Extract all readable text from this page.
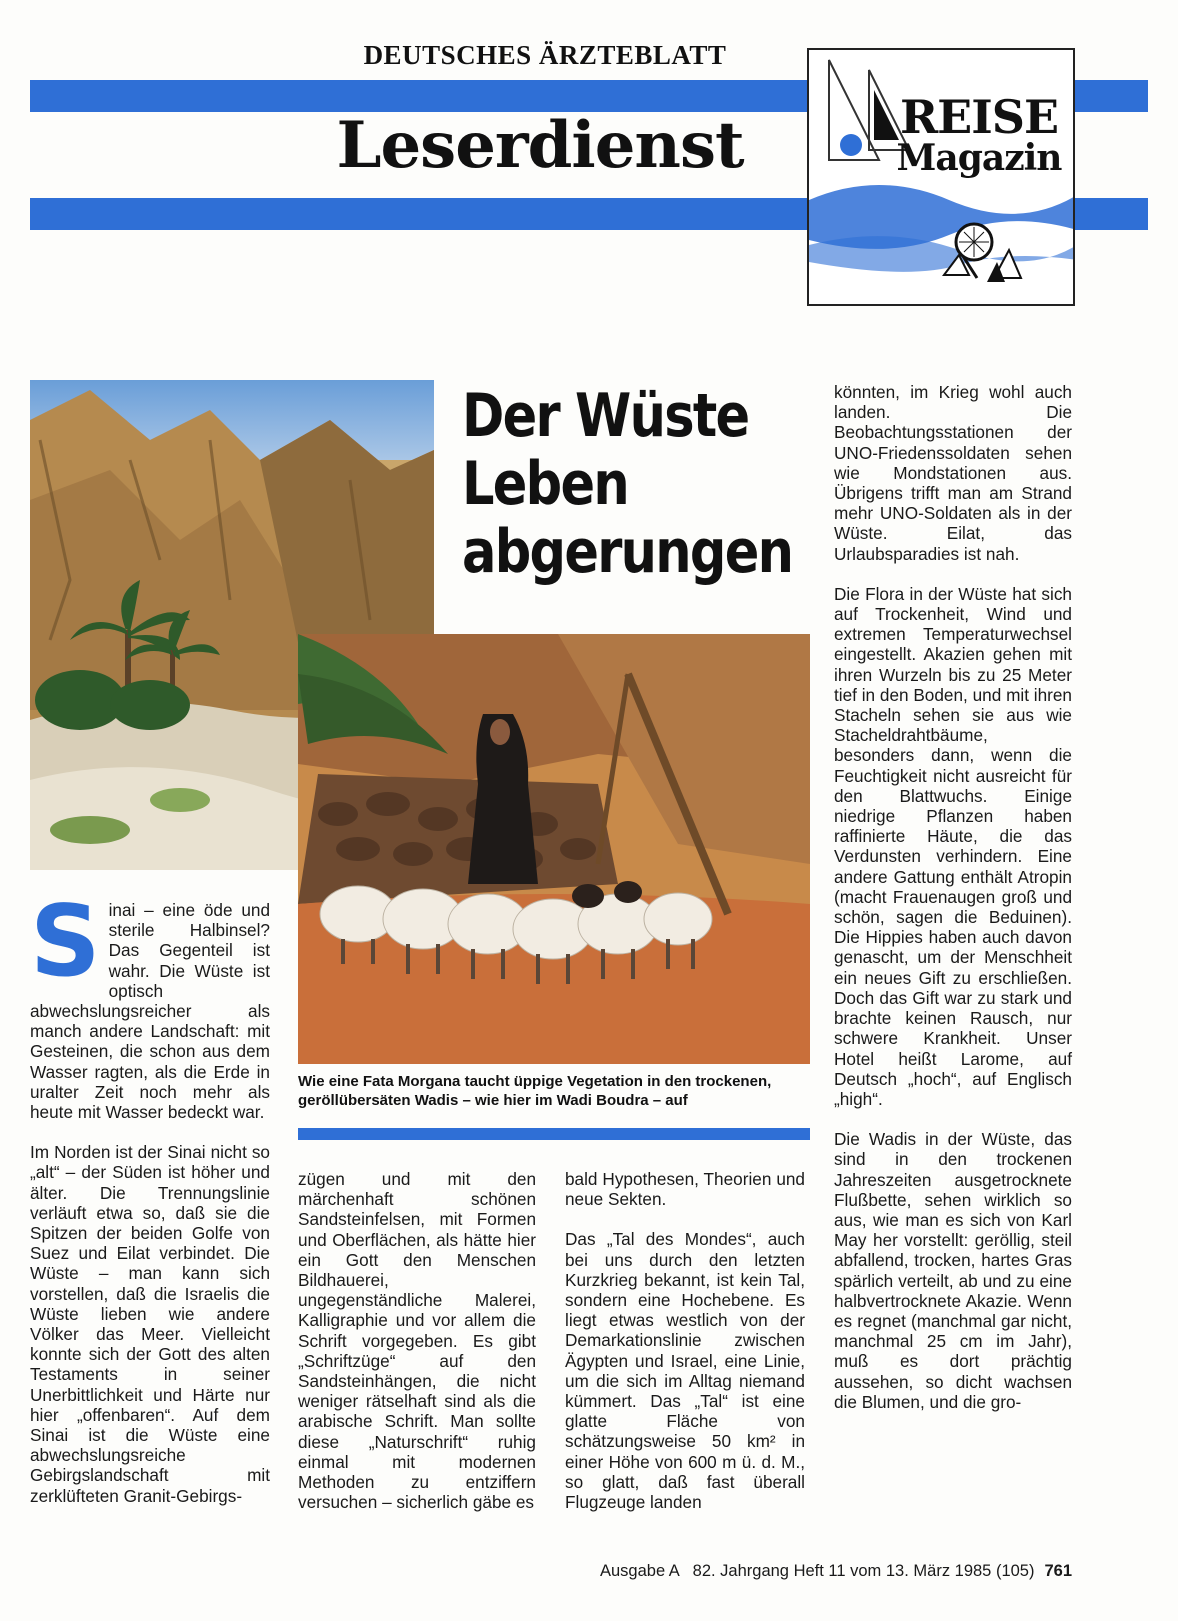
DEUTSCHES ÄRZTEBLATT
Leserdienst	REISE
Magazin
Der Wüste
Leben
abgerungen
Wie eine Fata Morgana taucht üppige Vegetation in den trockenen, geröllübersäten Wadis – wie hier im Wadi Boudra – auf

Sinai – eine öde und sterile Halbinsel? Das Gegenteil ist wahr. Die Wüste ist optisch abwechslungsreicher als manch andere Landschaft: mit Gesteinen, die schon aus dem Wasser ragten, als die Erde in uralter Zeit noch mehr als heute mit Wasser bedeckt war.

Im Norden ist der Sinai nicht so „alt“ – der Süden ist höher und älter. Die Trennungslinie verläuft etwa so, daß sie die Spitzen der beiden Golfe von Suez und Eilat verbindet. Die Wüste – man kann sich vorstellen, daß die Israelis die Wüste lieben wie andere Völker das Meer. Vielleicht konnte sich der Gott des alten Testaments in seiner Unerbittlichkeit und Härte nur hier „offenbaren“. Auf dem Sinai ist die Wüste eine abwechslungsreiche Gebirgslandschaft mit zerklüfteten Granit-Gebirgs-

zügen und mit den märchenhaft schönen Sandsteinfelsen, mit Formen und Oberflächen, als hätte hier ein Gott den Menschen Bildhauerei, ungegenständliche Malerei, Kalligraphie und vor allem die Schrift vorgegeben. Es gibt „Schriftzüge“ auf den Sandsteinhängen, die nicht weniger rätselhaft sind als die arabische Schrift. Man sollte diese „Naturschrift“ ruhig einmal mit modernen Methoden zu entziffern versuchen – sicherlich gäbe es

bald Hypothesen, Theorien und neue Sekten.

Das „Tal des Mondes“, auch bei uns durch den letzten Kurzkrieg bekannt, ist kein Tal, sondern eine Hochebene. Es liegt etwas westlich von der Demarkationslinie zwischen Ägypten und Israel, eine Linie, um die sich im Alltag niemand kümmert. Das „Tal“ ist eine glatte Fläche von schätzungsweise 50 km² in einer Höhe von 600 m ü. d. M., so glatt, daß fast überall Flugzeuge landen

könnten, im Krieg wohl auch landen. Die Beobachtungsstationen der UNO-Friedenssoldaten sehen wie Mondstationen aus. Übrigens trifft man am Strand mehr UNO-Soldaten als in der Wüste. Eilat, das Urlaubsparadies ist nah.

Die Flora in der Wüste hat sich auf Trockenheit, Wind und extremen Temperaturwechsel eingestellt. Akazien gehen mit ihren Wurzeln bis zu 25 Meter tief in den Boden, und mit ihren Stacheln sehen sie aus wie Stacheldrahtbäume, besonders dann, wenn die Feuchtigkeit nicht ausreicht für den Blattwuchs. Einige niedrige Pflanzen haben raffinierte Häute, die das Verdunsten verhindern. Eine andere Gattung enthält Atropin (macht Frauenaugen groß und schön, sagen die Beduinen). Die Hippies haben auch davon genascht, um der Menschheit ein neues Gift zu erschließen. Doch das Gift war zu stark und brachte keinen Rausch, nur schwere Krankheit. Unser Hotel heißt Larome, auf Deutsch „hoch“, auf Englisch „high“.

Die Wadis in der Wüste, das sind in den trockenen Jahreszeiten ausgetrocknete Flußbette, sehen wirklich so aus, wie man es sich von Karl May her vorstellt: geröllig, steil abfallend, trocken, hartes Gras spärlich verteilt, ab und zu eine halbvertrocknete Akazie. Wenn es regnet (manchmal gar nicht, manchmal 25 cm im Jahr), muß es dort prächtig aussehen, so dicht wachsen die Blumen, und die gro-

Ausgabe A   82. Jahrgang Heft 11 vom 13. März 1985 (105) 761
